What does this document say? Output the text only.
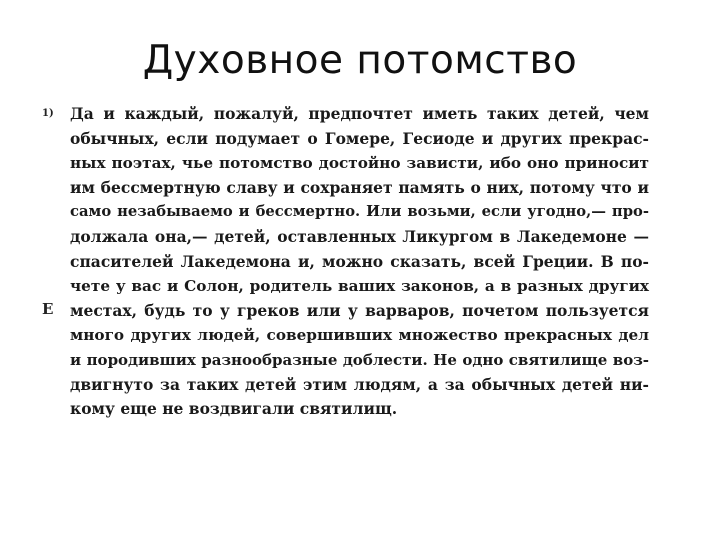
Духовное потомство
1)
E
Да и каждый, пожалуй, предпочтет иметь таких детей, чем
обычных, если подумает о Гомере, Гесиоде и других прекрас-
ных поэтах, чье потомство достойно зависти, ибо оно приносит
им бессмертную славу и сохраняет память о них, потому что и
само незабываемо и бессмертно. Или возьми, если угодно,— про-
должала она,— детей, оставленных Ликургом в Лакедемоне —
спасителей Лакедемона и, можно сказать, всей Греции. В по-
чете у вас и Солон, родитель ваших законов, а в разных других
местах, будь то у греков или у варваров, почетом пользуется
много других людей, совершивших множество прекрасных дел
и породивших разнообразные доблести. Не одно святилище воз-
двигнуто за таких детей этим людям, а за обычных детей ни-
кому еще не воздвигали святилищ.
